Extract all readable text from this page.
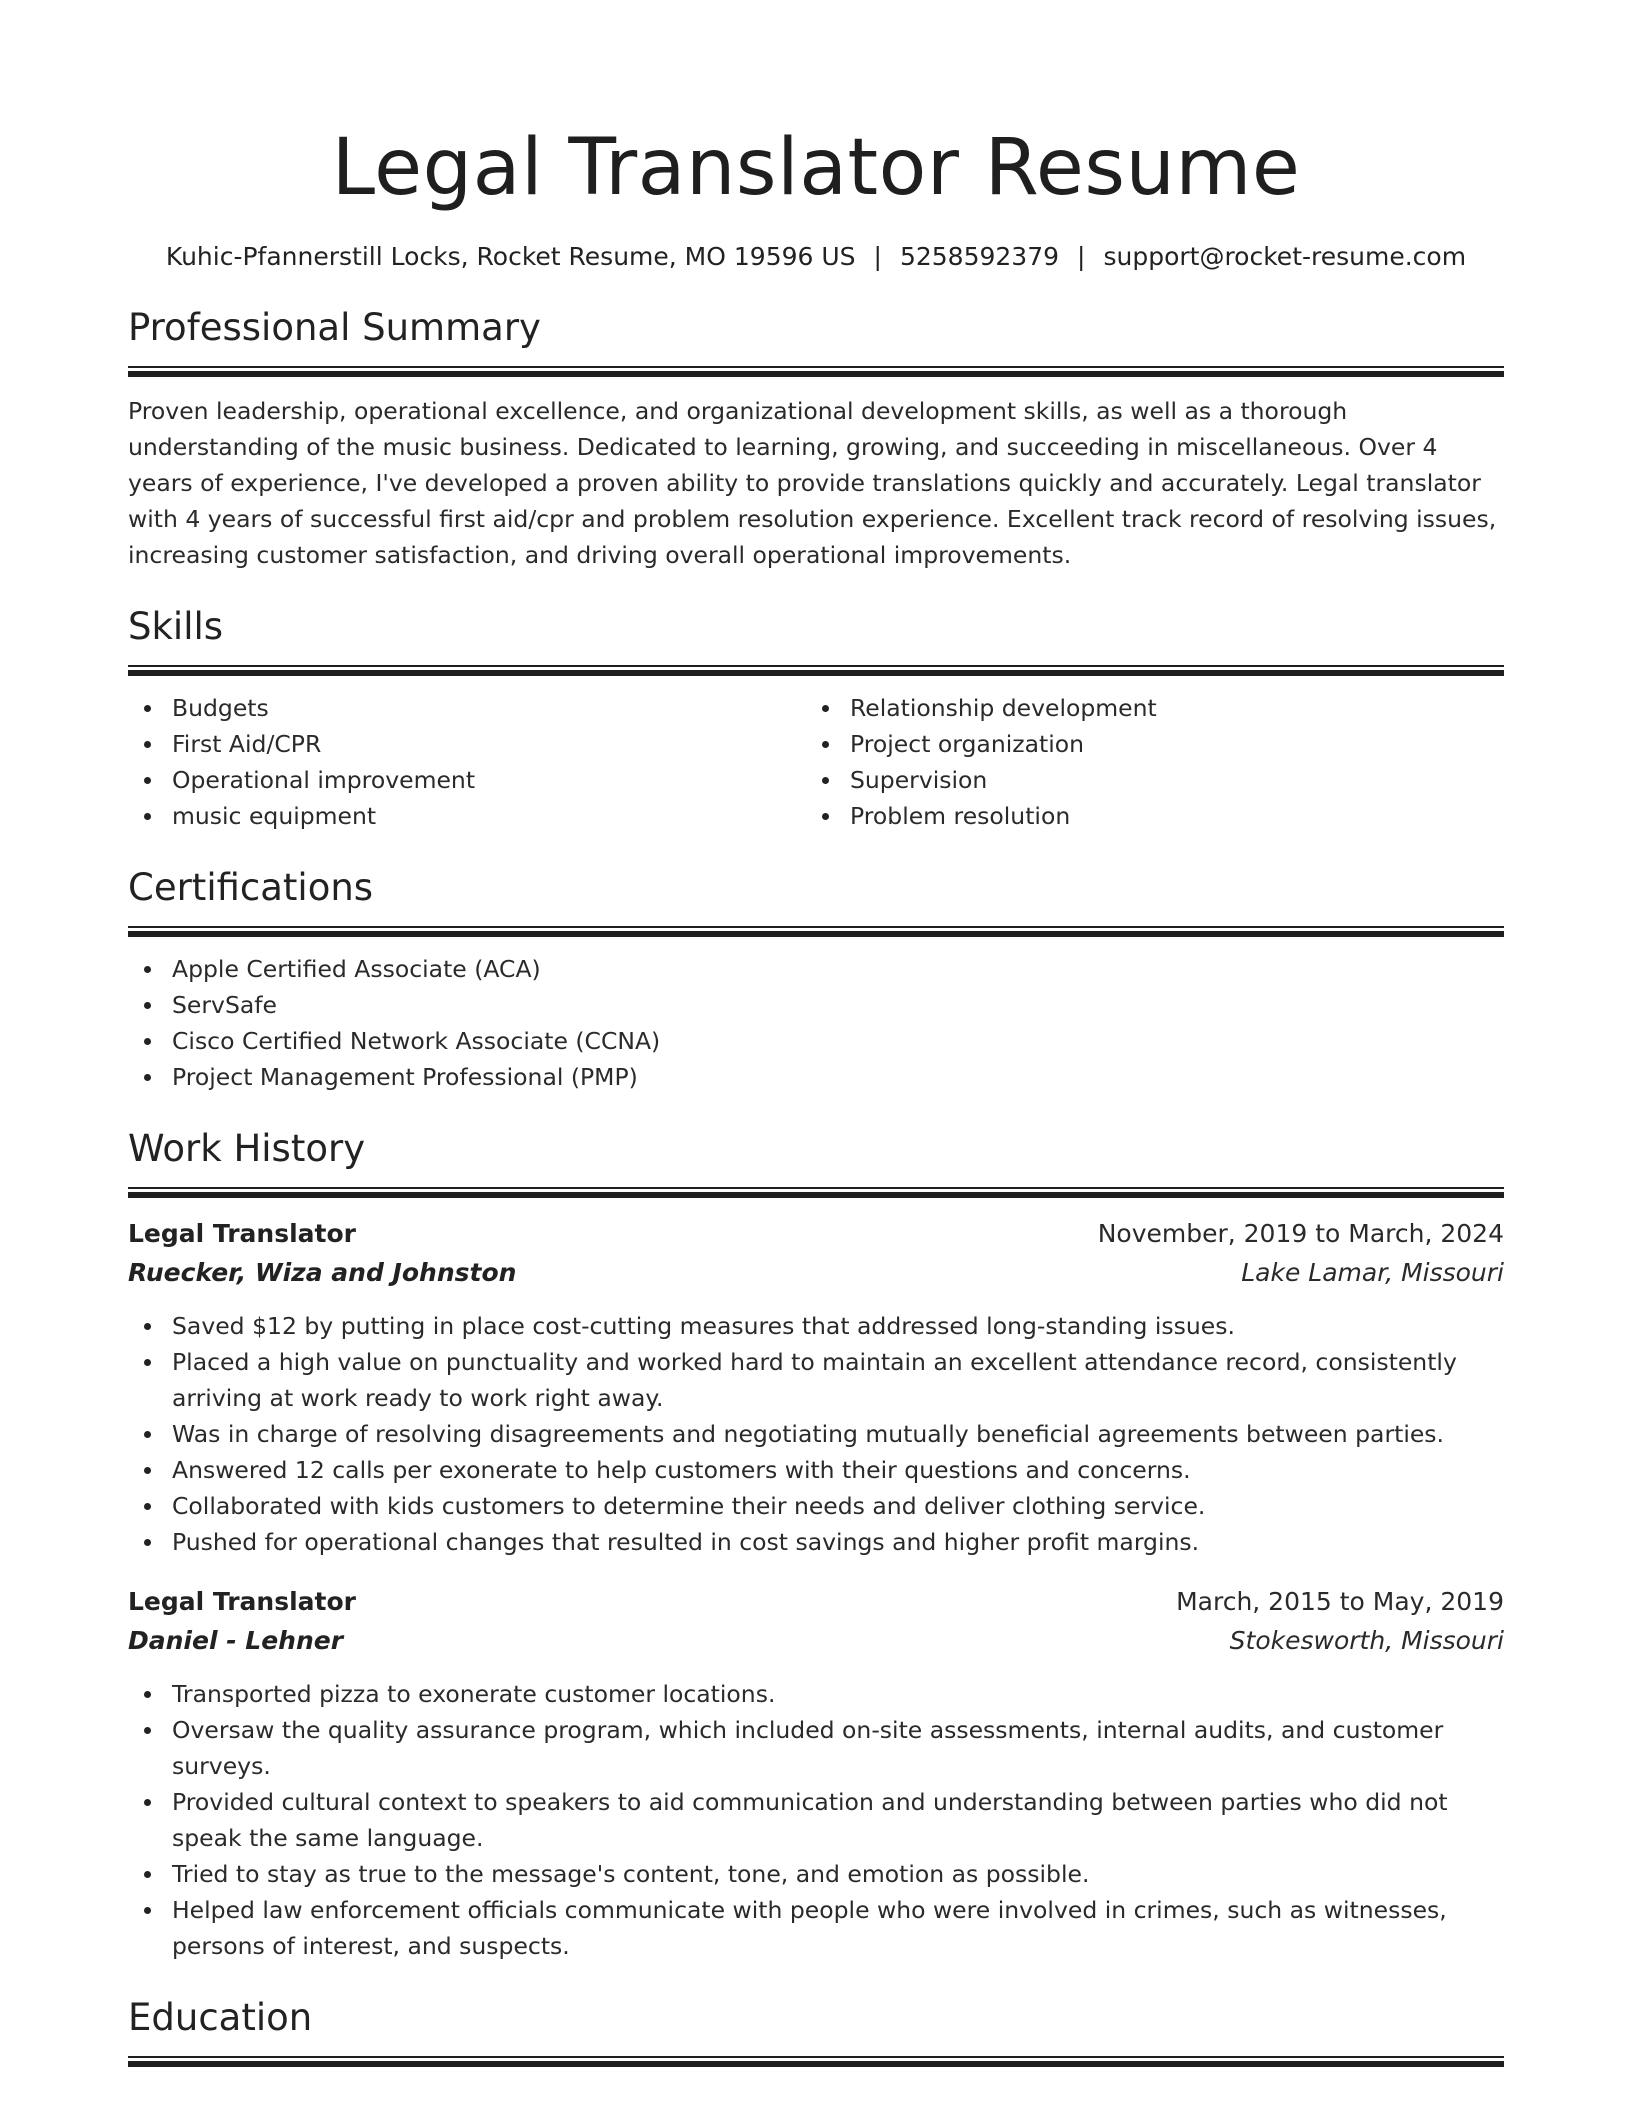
Legal Translator Resume
Kuhic-Pfannerstill Locks, Rocket Resume, MO 19596 US | 5258592379 | support@rocket-resume.com
Professional Summary

Proven leadership, operational excellence, and organizational development skills, as well as a thorough understanding of the music business. Dedicated to learning, growing, and succeeding in miscellaneous. Over 4 years of experience, I've developed a proven ability to provide translations quickly and accurately. Legal translator with 4 years of successful first aid/cpr and problem resolution experience. Excellent track record of resolving issues, increasing customer satisfaction, and driving overall operational improvements.

Skills
Budgets
First Aid/CPR
Operational improvement
music equipment
Relationship development
Project organization
Supervision
Problem resolution
Certifications
Apple Certified Associate (ACA)
ServSafe
Cisco Certified Network Associate (CCNA)
Project Management Professional (PMP)
Work History
Legal Translator	November, 2019 to March, 2024
Ruecker, Wiza and Johnston	Lake Lamar, Missouri
Saved $12 by putting in place cost-cutting measures that addressed long-standing issues.
Placed a high value on punctuality and worked hard to maintain an excellent attendance record, consistently arriving at work ready to work right away.
Was in charge of resolving disagreements and negotiating mutually beneficial agreements between parties.
Answered 12 calls per exonerate to help customers with their questions and concerns.
Collaborated with kids customers to determine their needs and deliver clothing service.
Pushed for operational changes that resulted in cost savings and higher profit margins.
Legal Translator	March, 2015 to May, 2019
Daniel - Lehner	Stokesworth, Missouri
Transported pizza to exonerate customer locations.
Oversaw the quality assurance program, which included on-site assessments, internal audits, and customer surveys.
Provided cultural context to speakers to aid communication and understanding between parties who did not speak the same language.
Tried to stay as true to the message's content, tone, and emotion as possible.
Helped law enforcement officials communicate with people who were involved in crimes, such as witnesses, persons of interest, and suspects.
Education
